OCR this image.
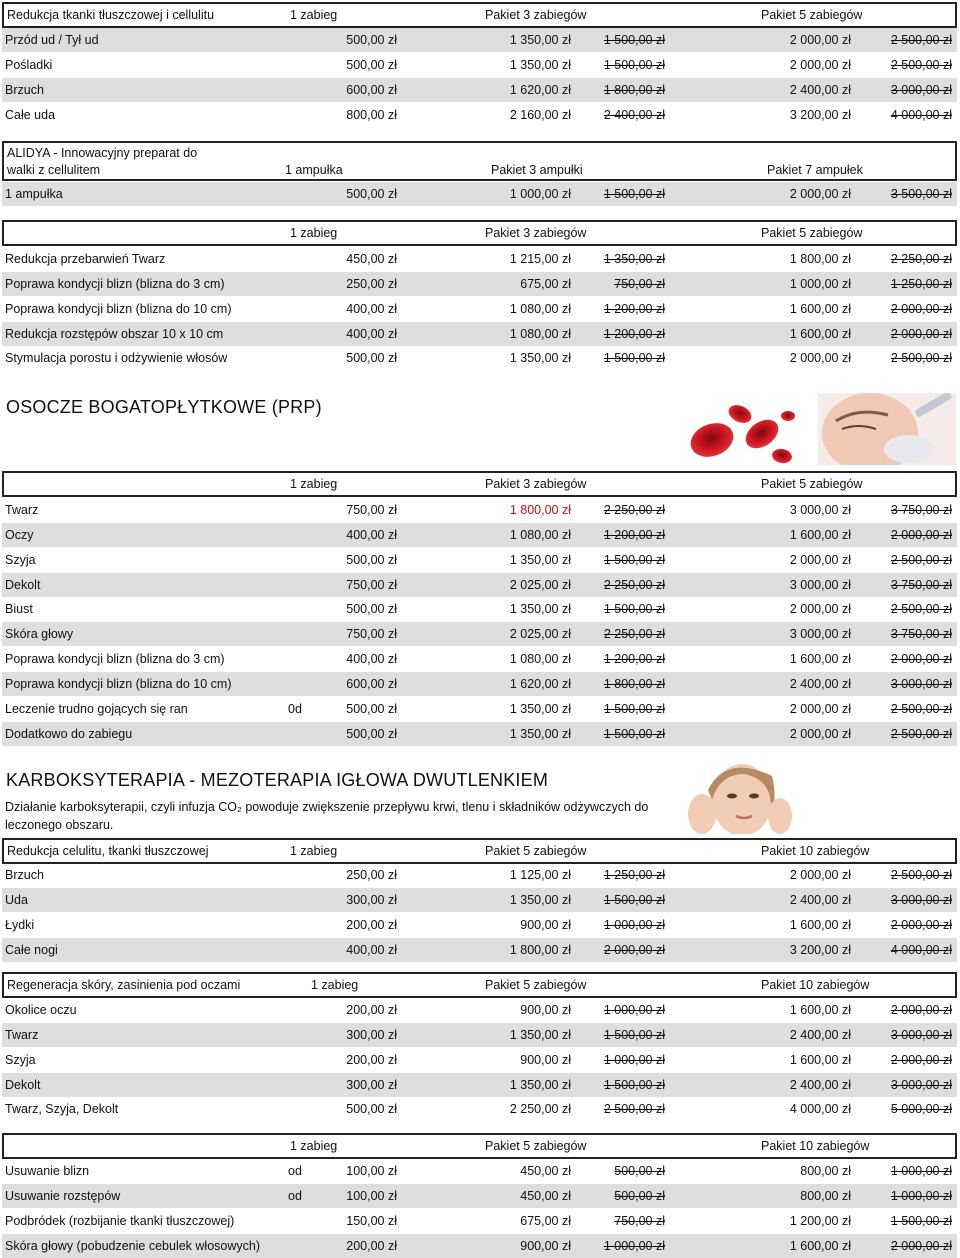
Redukcja tkanki tłuszczowej i cellulitu	1 zabieg	Pakiet 3 zabiegów	Pakiet 5 zabiegów
Przód ud / Tył ud	500,00 zł	1 350,00 zł	1 500,00 zł	2 000,00 zł	2 500,00 zł
Pośladki	500,00 zł	1 350,00 zł	1 500,00 zł	2 000,00 zł	2 500,00 zł
Brzuch	600,00 zł	1 620,00 zł	1 800,00 zł	2 400,00 zł	3 000,00 zł
Całe uda	800,00 zł	2 160,00 zł	2 400,00 zł	3 200,00 zł	4 000,00 zł
ALIDYA - Innowacyjny preparat do
walki z cellulitem	1 ampułka	Pakiet 3 ampułki	Pakiet 7 ampułek
1 ampułka	500,00 zł	1 000,00 zł	1 500,00 zł	2 000,00 zł	3 500,00 zł
1 zabieg	Pakiet 3 zabiegów	Pakiet 5 zabiegów
Redukcja przebarwień Twarz	450,00 zł	1 215,00 zł	1 350,00 zł	1 800,00 zł	2 250,00 zł
Poprawa kondycji blizn (blizna do 3 cm)	250,00 zł	675,00 zł	750,00 zł	1 000,00 zł	1 250,00 zł
Poprawa kondycji blizn (blizna do 10 cm)	400,00 zł	1 080,00 zł	1 200,00 zł	1 600,00 zł	2 000,00 zł
Redukcja rozstępów obszar 10 x 10 cm	400,00 zł	1 080,00 zł	1 200,00 zł	1 600,00 zł	2 000,00 zł
Stymulacja porostu i odżywienie włosów	500,00 zł	1 350,00 zł	1 500,00 zł	2 000,00 zł	2 500,00 zł
OSOCZE BOGATOPŁYTKOWE (PRP)
1 zabieg	Pakiet 3 zabiegów	Pakiet 5 zabiegów
Twarz	750,00 zł	1 800,00 zł	2 250,00 zł	3 000,00 zł	3 750,00 zł
Oczy	400,00 zł	1 080,00 zł	1 200,00 zł	1 600,00 zł	2 000,00 zł
Szyja	500,00 zł	1 350,00 zł	1 500,00 zł	2 000,00 zł	2 500,00 zł
Dekolt	750,00 zł	2 025,00 zł	2 250,00 zł	3 000,00 zł	3 750,00 zł
Biust	500,00 zł	1 350,00 zł	1 500,00 zł	2 000,00 zł	2 500,00 zł
Skóra głowy	750,00 zł	2 025,00 zł	2 250,00 zł	3 000,00 zł	3 750,00 zł
Poprawa kondycji blizn (blizna do 3 cm)	400,00 zł	1 080,00 zł	1 200,00 zł	1 600,00 zł	2 000,00 zł
Poprawa kondycji blizn (blizna do 10 cm)	600,00 zł	1 620,00 zł	1 800,00 zł	2 400,00 zł	3 000,00 zł
Leczenie trudno gojących się ran	0d	500,00 zł	1 350,00 zł	1 500,00 zł	2 000,00 zł	2 500,00 zł
Dodatkowo do zabiegu	500,00 zł	1 350,00 zł	1 500,00 zł	2 000,00 zł	2 500,00 zł
KARBOKSYTERAPIA - MEZOTERAPIA IGŁOWA DWUTLENKIEM
Działanie karboksyterapii, czyli infuzja CO₂ powoduje zwiększenie przepływu krwi, tlenu i składników odżywczych do leczonego obszaru.
Redukcja celulitu, tkanki tłuszczowej	1 zabieg	Pakiet 5 zabiegów	Pakiet 10 zabiegów
Brzuch	250,00 zł	1 125,00 zł	1 250,00 zł	2 000,00 zł	2 500,00 zł
Uda	300,00 zł	1 350,00 zł	1 500,00 zł	2 400,00 zł	3 000,00 zł
Łydki	200,00 zł	900,00 zł	1 000,00 zł	1 600,00 zł	2 000,00 zł
Całe nogi	400,00 zł	1 800,00 zł	2 000,00 zł	3 200,00 zł	4 000,00 zł
Regeneracja skóry, zasinienia pod oczami	1 zabieg	Pakiet 5 zabiegów	Pakiet 10 zabiegów
Okolice oczu	200,00 zł	900,00 zł	1 000,00 zł	1 600,00 zł	2 000,00 zł
Twarz	300,00 zł	1 350,00 zł	1 500,00 zł	2 400,00 zł	3 000,00 zł
Szyja	200,00 zł	900,00 zł	1 000,00 zł	1 600,00 zł	2 000,00 zł
Dekolt	300,00 zł	1 350,00 zł	1 500,00 zł	2 400,00 zł	3 000,00 zł
Twarz, Szyja, Dekolt	500,00 zł	2 250,00 zł	2 500,00 zł	4 000,00 zł	5 000,00 zł
1 zabieg	Pakiet 5 zabiegów	Pakiet 10 zabiegów
Usuwanie blizn	od	100,00 zł	450,00 zł	500,00 zł	800,00 zł	1 000,00 zł
Usuwanie rozstępów	od	100,00 zł	450,00 zł	500,00 zł	800,00 zł	1 000,00 zł
Podbródek (rozbijanie tkanki tłuszczowej)	150,00 zł	675,00 zł	750,00 zł	1 200,00 zł	1 500,00 zł
Skóra głowy (pobudzenie cebulek włosowych)	200,00 zł	900,00 zł	1 000,00 zł	1 600,00 zł	2 000,00 zł
